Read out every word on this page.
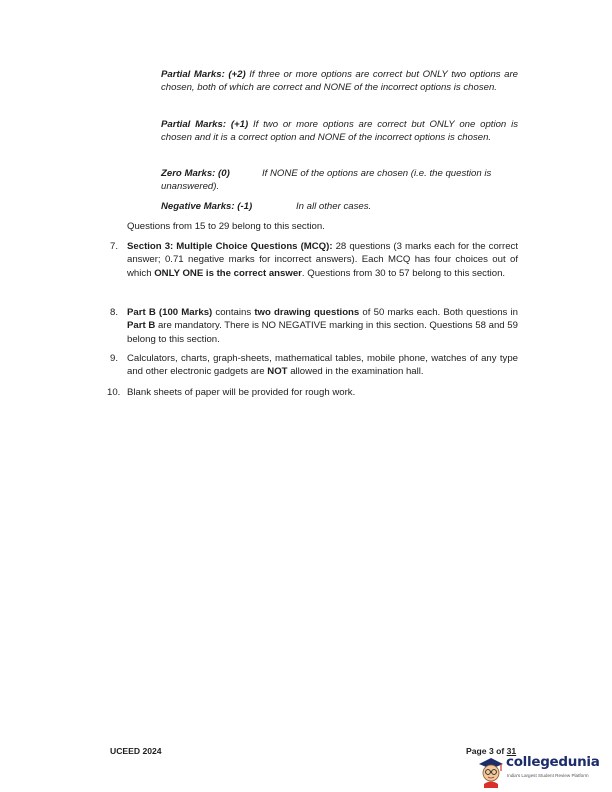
Partial Marks: (+2) If three or more options are correct but ONLY two options are chosen, both of which are correct and NONE of the incorrect options is chosen.
Partial Marks: (+1) If two or more options are correct but ONLY one option is chosen and it is a correct option and NONE of the incorrect options is chosen.
Zero Marks: (0)	If NONE of the options are chosen (i.e. the question is
unanswered).
Negative Marks: (-1)	In all other cases.
Questions from 15 to 29 belong to this section.
7. Section 3: Multiple Choice Questions (MCQ): 28 questions (3 marks each for the correct answer; 0.71 negative marks for incorrect answers). Each MCQ has four choices out of which ONLY ONE is the correct answer. Questions from 30 to 57 belong to this section.
8. Part B (100 Marks) contains two drawing questions of 50 marks each. Both questions in Part B are mandatory. There is NO NEGATIVE marking in this section. Questions 58 and 59 belong to this section.
9. Calculators, charts, graph-sheets, mathematical tables, mobile phone, watches of any type and other electronic gadgets are NOT allowed in the examination hall.
10. Blank sheets of paper will be provided for rough work.
UCEED 2024	Page 3 of 31
collegedunia
India's Largest Student Review Platform
